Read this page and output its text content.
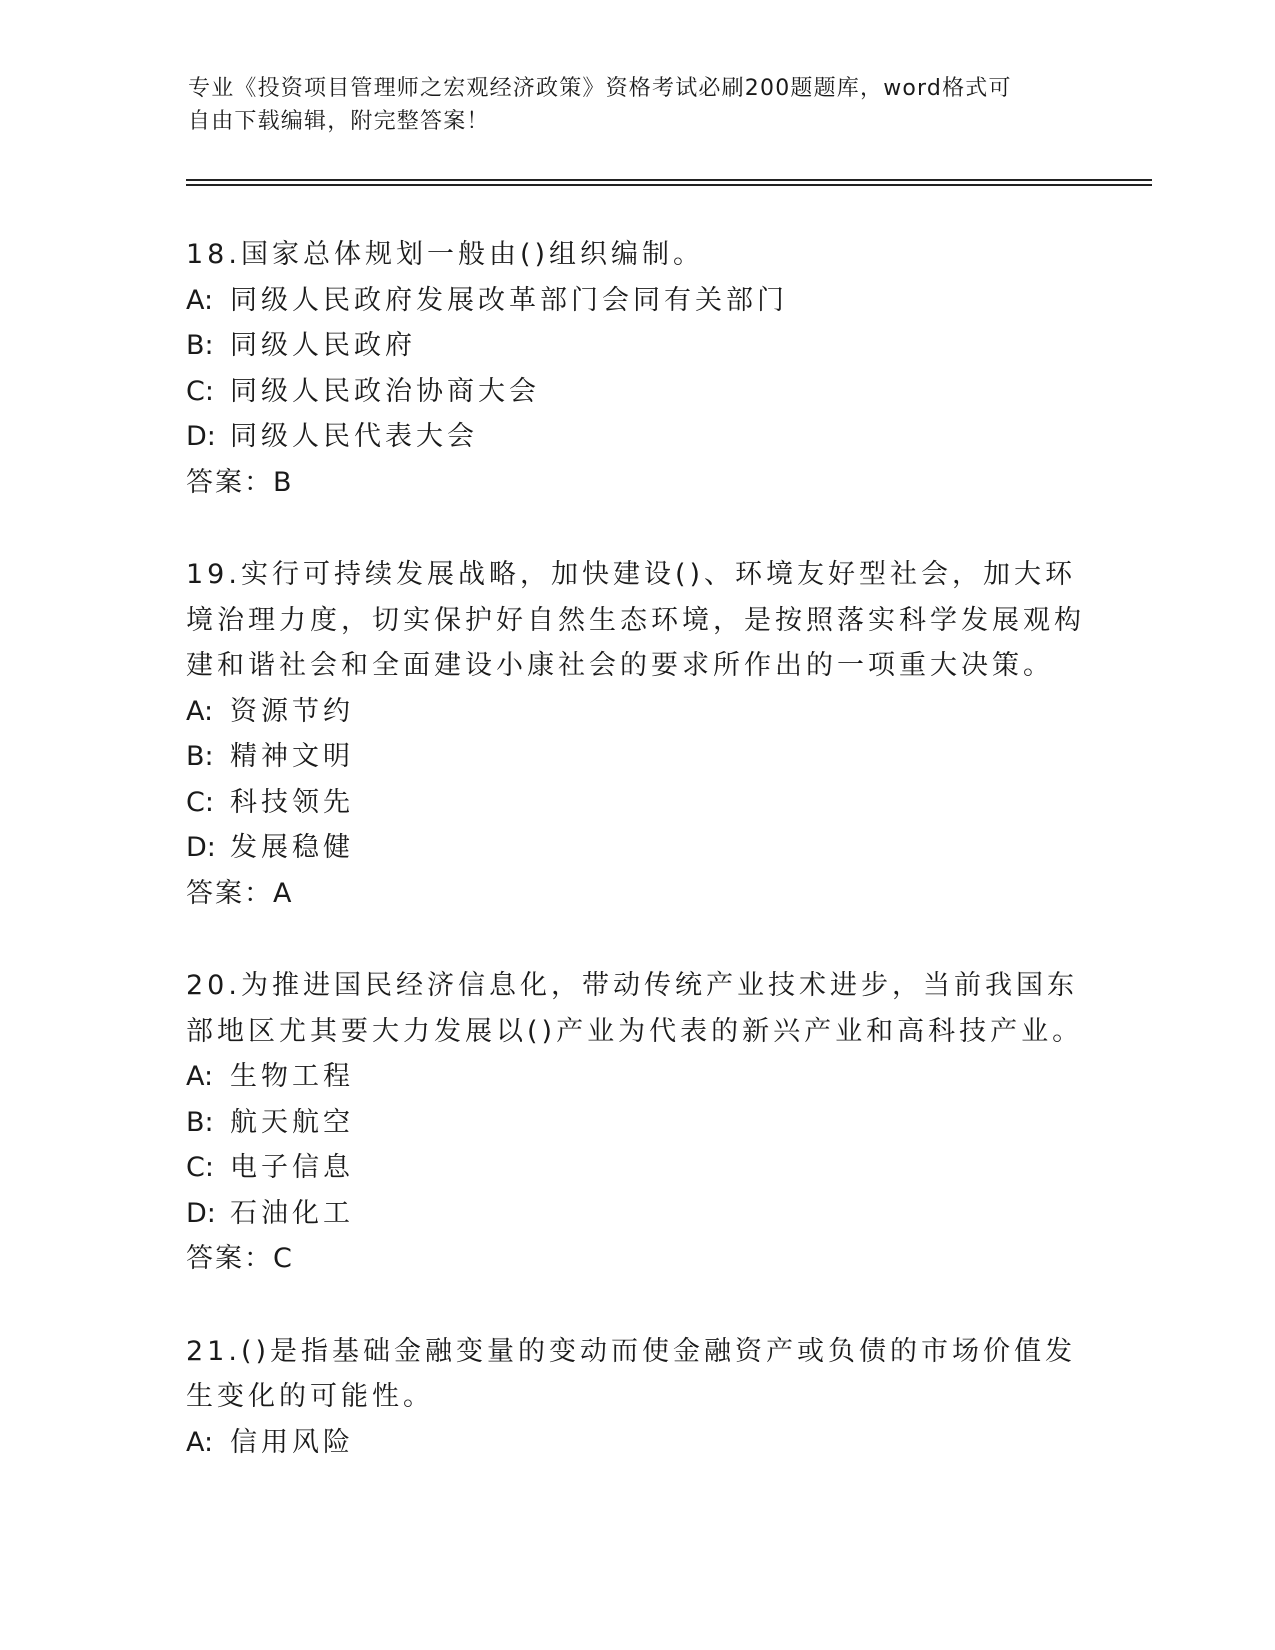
专业《投资项目管理师之宏观经济政策》资格考试必刷200题题库，word格式可
自由下载编辑，附完整答案！
18.国家总体规划一般由()组织编制。
A: 同级人民政府发展改革部门会同有关部门
B: 同级人民政府
C: 同级人民政治协商大会
D: 同级人民代表大会
答案：B
19.实行可持续发展战略，加快建设()、环境友好型社会，加大环境治理力度，切实保护好自然生态环境，是按照落实科学发展观构建和谐社会和全面建设小康社会的要求所作出的一项重大决策。
A: 资源节约
B: 精神文明
C: 科技领先
D: 发展稳健
答案：A
20.为推进国民经济信息化，带动传统产业技术进步，当前我国东部地区尤其要大力发展以()产业为代表的新兴产业和高科技产业。
A: 生物工程
B: 航天航空
C: 电子信息
D: 石油化工
答案：C
21.()是指基础金融变量的变动而使金融资产或负债的市场价值发生变化的可能性。
A: 信用风险
